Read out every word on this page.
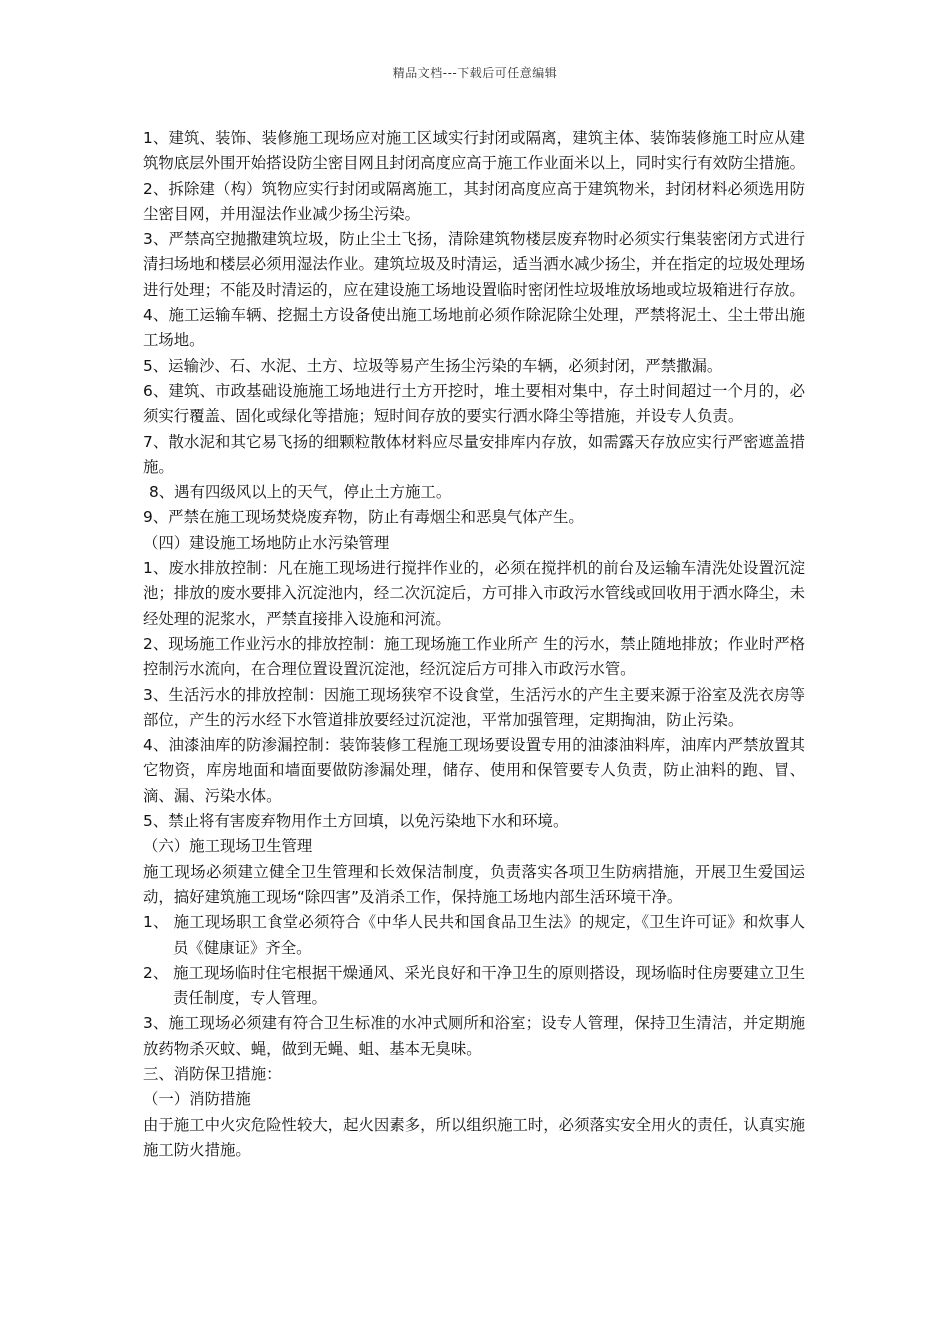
精品文档---下载后可任意编辑

1、建筑、装饰、装修施工现场应对施工区域实行封闭或隔离，建筑主体、装饰装修施工时应从建筑物底层外围开始搭设防尘密目网且封闭高度应高于施工作业面米以上，同时实行有效防尘措施。 2、拆除建（构）筑物应实行封闭或隔离施工，其封闭高度应高于建筑物米，封闭材料必须选用防尘密目网，并用湿法作业减少扬尘污染。

3、严禁高空抛撒建筑垃圾，防止尘土飞扬，清除建筑物楼层废弃物时必须实行集装密闭方式进行清扫场地和楼层必须用湿法作业。建筑垃圾及时清运，适当洒水减少扬尘，并在指定的垃圾处理场进行处理；不能及时清运的，应在建设施工场地设置临时密闭性垃圾堆放场地或垃圾箱进行存放。

4、施工运输车辆、挖掘土方设备使出施工场地前必须作除泥除尘处理，严禁将泥土、尘土带出施工场地。

5、运输沙、石、水泥、土方、垃圾等易产生扬尘污染的车辆，必须封闭，严禁撒漏。

6、建筑、市政基础设施施工场地进行土方开挖时，堆土要相对集中，存土时间超过一个月的，必须实行覆盖、固化或绿化等措施；短时间存放的要实行洒水降尘等措施，并设专人负责。

7、散水泥和其它易飞扬的细颗粒散体材料应尽量安排库内存放，如需露天存放应实行严密遮盖措施。

8、遇有四级风以上的天气，停止土方施工。

9、严禁在施工现场焚烧废弃物，防止有毒烟尘和恶臭气体产生。

（四）建设施工场地防止水污染管理

1、废水排放控制：凡在施工现场进行搅拌作业的，必须在搅拌机的前台及运输车清洗处设置沉淀池；排放的废水要排入沉淀池内，经二次沉淀后，方可排入市政污水管线或回收用于洒水降尘，未经处理的泥浆水，严禁直接排入设施和河流。

2、现场施工作业污水的排放控制：施工现场施工作业所产 生的污水，禁止随地排放；作业时严格控制污水流向，在合理位置设置沉淀池，经沉淀后方可排入市政污水管。

3、生活污水的排放控制：因施工现场狭窄不设食堂，生活污水的产生主要来源于浴室及洗衣房等部位，产生的污水经下水管道排放要经过沉淀池，平常加强管理，定期掏油，防止污染。

4、油漆油库的防渗漏控制：装饰装修工程施工现场要设置专用的油漆油料库，油库内严禁放置其它物资，库房地面和墙面要做防渗漏处理，储存、使用和保管要专人负责，防止油料的跑、冒、滴、漏、污染水体。

5、禁止将有害废弃物用作土方回填，以免污染地下水和环境。

（六）施工现场卫生管理

施工现场必须建立健全卫生管理和长效保洁制度，负责落实各项卫生防病措施，开展卫生爱国运动，搞好建筑施工现场“除四害”及消杀工作，保持施工场地内部生活环境干净。

1、 施工现场职工食堂必须符合《中华人民共和国食品卫生法》的规定，《卫生许可证》和炊事人员《健康证》齐全。

2、 施工现场临时住宅根据干燥通风、采光良好和干净卫生的原则搭设，现场临时住房要建立卫生责任制度，专人管理。

3、施工现场必须建有符合卫生标准的水冲式厕所和浴室；设专人管理，保持卫生清洁，并定期施放药物杀灭蚊、蝇，做到无蝇、蛆、基本无臭味。

三、消防保卫措施：

（一）消防措施

由于施工中火灾危险性较大，起火因素多，所以组织施工时，必须落实安全用火的责任，认真实施施工防火措施。
